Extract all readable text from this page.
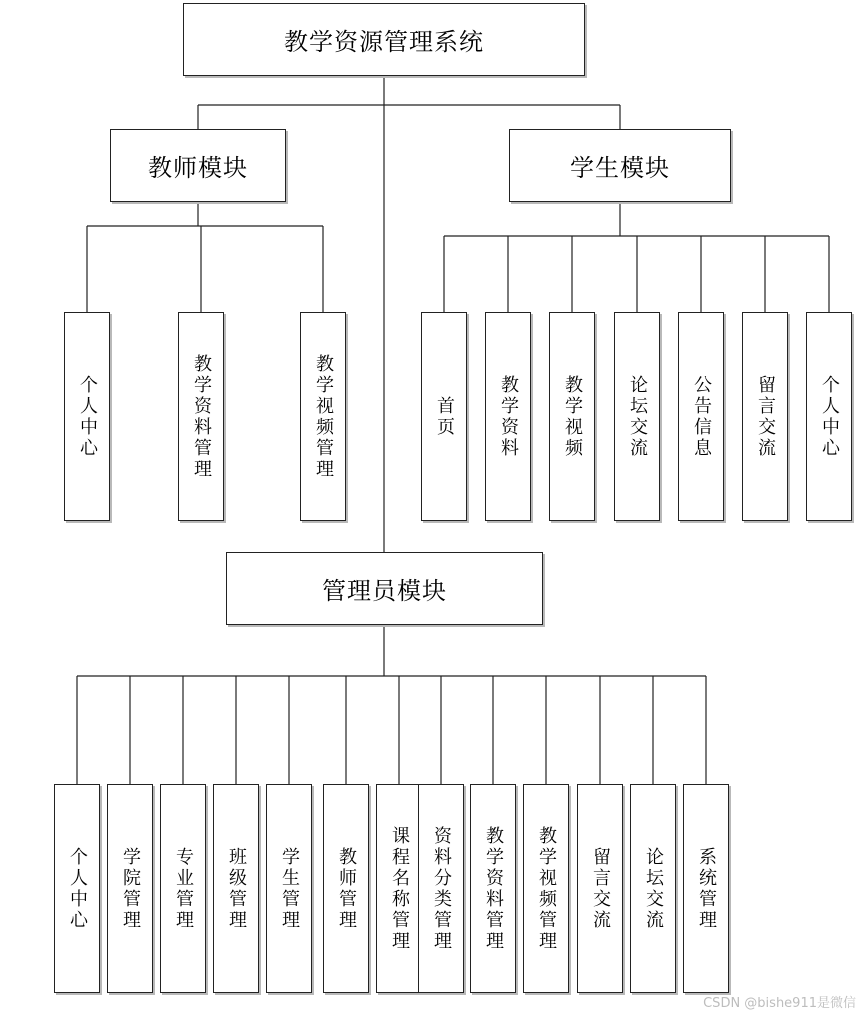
教学资源管理系统
教师模块	学生模块
管理员模块
个人中心	教学资料管理	教学视频管理	首页 教学资料 教学视频 论坛交流 公告信息 留言交流 个人中心
个人中心 学院管理 专业管理 班级管理 学生管理 教师管理 课程名称管理 资料分类管理 教学资料管理 教学视频管理 留言交流 论坛交流 系统管理
CSDN @bishe911是微信
